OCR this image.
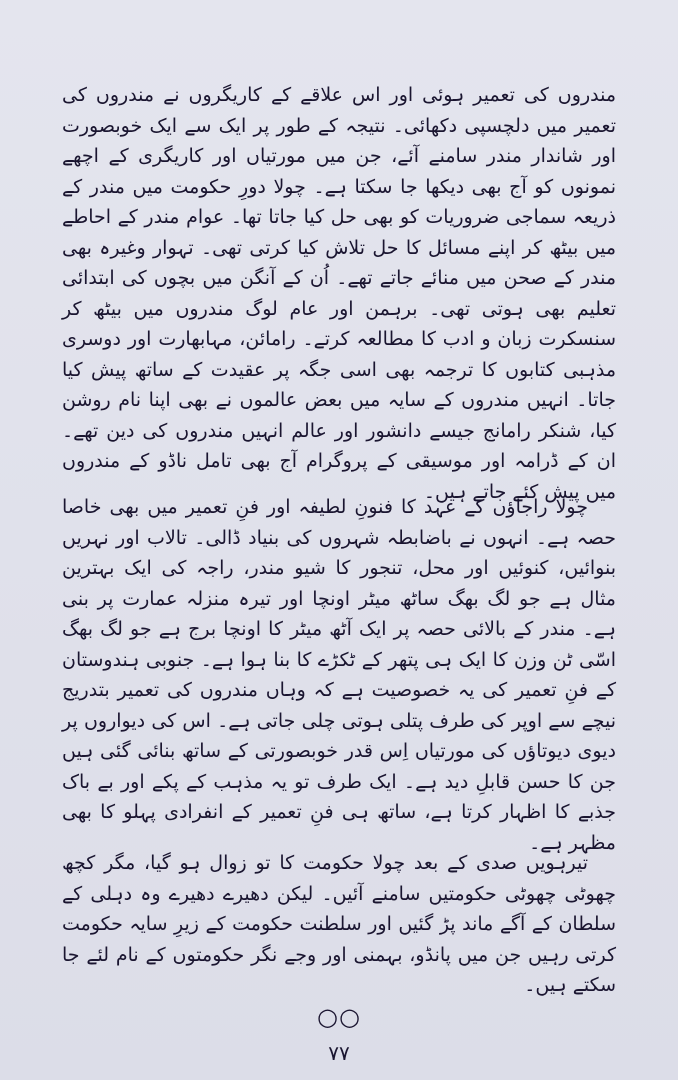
مندروں کی تعمیر ہوئی اور اس علاقے کے کاریگروں نے مندروں کی تعمیر میں دلچسپی دکھائی۔ نتیجہ کے طور پر ایک سے ایک خوبصورت اور شاندار مندر سامنے آئے، جن میں مورتیاں اور کاریگری کے اچھے نمونوں کو آج بھی دیکھا جا سکتا ہے۔ چولا دورِ حکومت میں مندر کے ذریعہ سماجی ضروریات کو بھی حل کیا جاتا تھا۔ عوام مندر کے احاطے میں بیٹھ کر اپنے مسائل کا حل تلاش کیا کرتی تھی۔ تہوار وغیرہ بھی مندر کے صحن میں منائے جاتے تھے۔ اُن کے آنگن میں بچوں کی ابتدائی تعلیم بھی ہوتی تھی۔ برہمن اور عام لوگ مندروں میں بیٹھ کر سنسکرت زبان و ادب کا مطالعہ کرتے۔ رامائن، مہابھارت اور دوسری مذہبی کتابوں کا ترجمہ بھی اسی جگہ پر عقیدت کے ساتھ پیش کیا جاتا۔ انہیں مندروں کے سایہ میں بعض عالموں نے بھی اپنا نام روشن کیا، شنکر رامانج جیسے دانشور اور عالم انہیں مندروں کی دین تھے۔ ان کے ڈرامہ اور موسیقی کے پروگرام آج بھی تامل ناڈو کے مندروں میں پیش کئے جاتے ہیں۔

چولا راجاؤں کے عہد کا فنونِ لطیفہ اور فنِ تعمیر میں بھی خاصا حصہ ہے۔ انہوں نے باضابطہ شہروں کی بنیاد ڈالی۔ تالاب اور نہریں بنوائیں، کنوئیں اور محل، تنجور کا شیو مندر، راجہ کی ایک بہترین مثال ہے جو لگ بھگ ساٹھ میٹر اونچا اور تیرہ منزلہ عمارت پر بنی ہے۔ مندر کے بالائی حصہ پر ایک آٹھ میٹر کا اونچا برج ہے جو لگ بھگ اسّی ٹن وزن کا ایک ہی پتھر کے ٹکڑے کا بنا ہوا ہے۔ جنوبی ہندوستان کے فنِ تعمیر کی یہ خصوصیت ہے کہ وہاں مندروں کی تعمیر بتدریج نیچے سے اوپر کی طرف پتلی ہوتی چلی جاتی ہے۔ اس کی دیواروں پر دیوی دیوتاؤں کی مورتیاں اِس قدر خوبصورتی کے ساتھ بنائی گئی ہیں جن کا حسن قابلِ دید ہے۔ ایک طرف تو یہ مذہب کے پکے اور بے باک جذبے کا اظہار کرتا ہے، ساتھ ہی فنِ تعمیر کے انفرادی پہلو کا بھی مظہر ہے۔

تیرہویں صدی کے بعد چولا حکومت کا تو زوال ہو گیا، مگر کچھ چھوٹی چھوٹی حکومتیں سامنے آئیں۔ لیکن دھیرے دھیرے وہ دہلی کے سلطان کے آگے ماند پڑ گئیں اور سلطنت حکومت کے زیرِ سایہ حکومت کرتی رہیں جن میں پانڈو، بہمنی اور وجے نگر حکومتوں کے نام لئے جا سکتے ہیں۔

○○
۷۷
